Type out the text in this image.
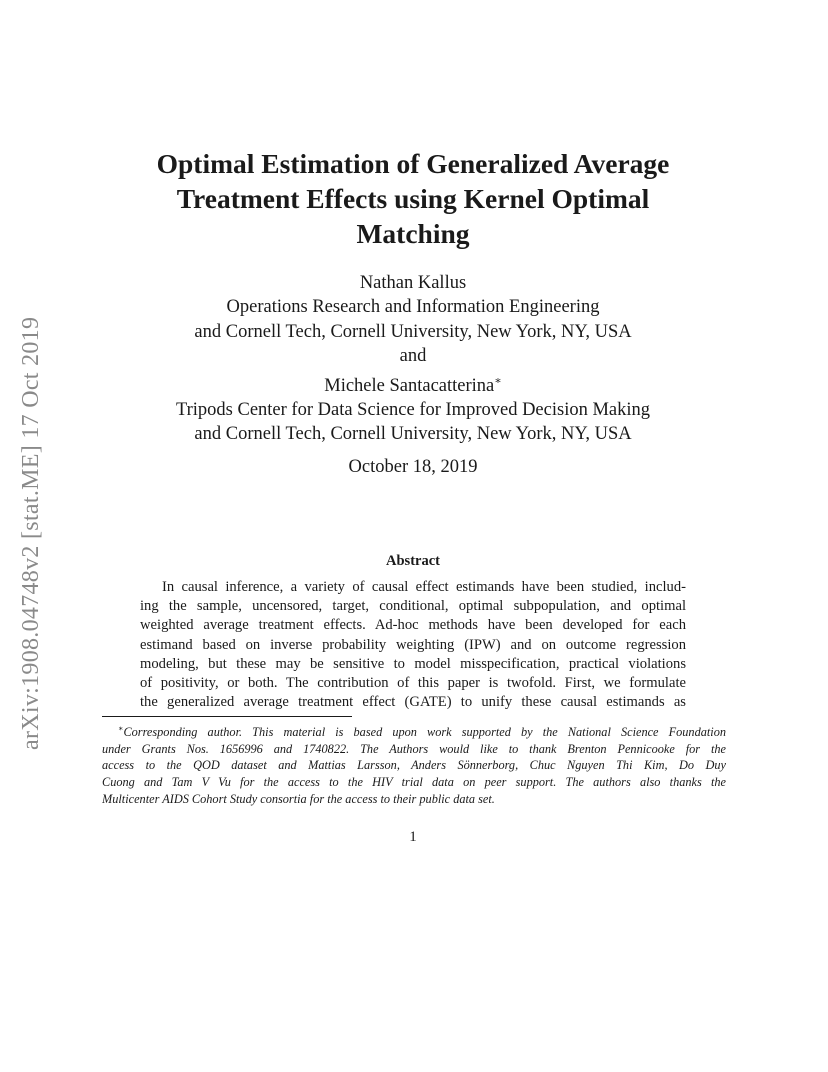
arXiv:1908.04748v2 [stat.ME] 17 Oct 2019
Optimal Estimation of Generalized Average
Treatment Effects using Kernel Optimal
Matching
Nathan Kallus
Operations Research and Information Engineering
and Cornell Tech, Cornell University, New York, NY, USA
and
Michele Santacatterina∗
Tripods Center for Data Science for Improved Decision Making
and Cornell Tech, Cornell University, New York, NY, USA
October 18, 2019
Abstract
In causal inference, a variety of causal effect estimands have been studied, includ-
ing the sample, uncensored, target, conditional, optimal subpopulation, and optimal
weighted average treatment effects. Ad-hoc methods have been developed for each
estimand based on inverse probability weighting (IPW) and on outcome regression
modeling, but these may be sensitive to model misspecification, practical violations
of positivity, or both. The contribution of this paper is twofold. First, we formulate
the generalized average treatment effect (GATE) to unify these causal estimands as
∗Corresponding author. This material is based upon work supported by the National Science Foundation
under Grants Nos. 1656996 and 1740822. The Authors would like to thank Brenton Pennicooke for the
access to the QOD dataset and Mattias Larsson, Anders Sönnerborg, Chuc Nguyen Thi Kim, Do Duy
Cuong and Tam V Vu for the access to the HIV trial data on peer support. The authors also thanks the
Multicenter AIDS Cohort Study consortia for the access to their public data set.
1
